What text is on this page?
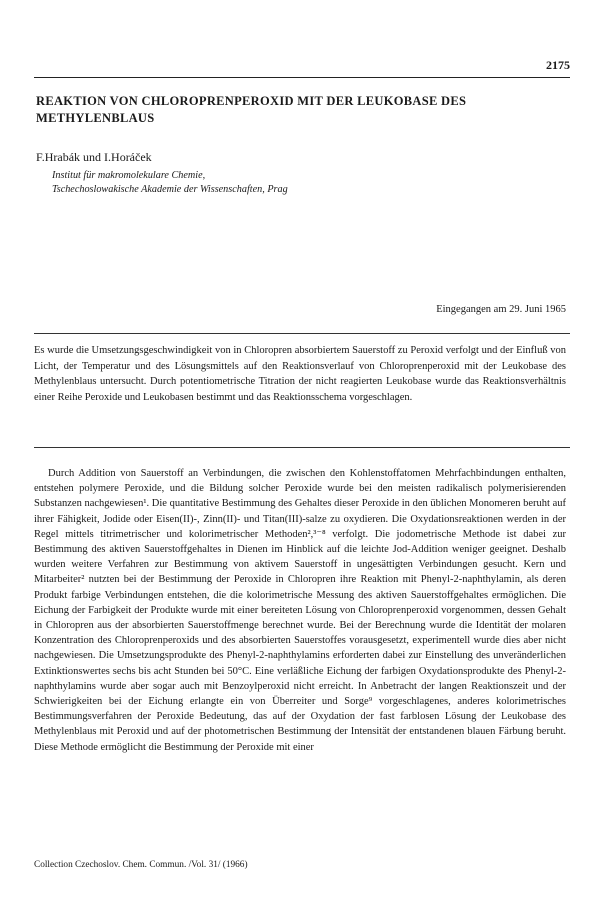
2175
REAKTION VON CHLOROPRENPEROXID MIT DER LEUKOBASE DES METHYLENBLAUS
F.Hrabák und I.Horáček
Institut für makromolekulare Chemie,
Tschechoslowakische Akademie der Wissenschaften, Prag
Eingegangen am 29. Juni 1965
Es wurde die Umsetzungsgeschwindigkeit von in Chloropren absorbiertem Sauerstoff zu Peroxid verfolgt und der Einfluß von Licht, der Temperatur und des Lösungsmittels auf den Reaktionsverlauf von Chloroprenperoxid mit der Leukobase des Methylenblaus untersucht. Durch potentiometrische Titration der nicht reagierten Leukobase wurde das Reaktionsverhältnis einer Reihe Peroxide und Leukobasen bestimmt und das Reaktionsschema vorgeschlagen.

Durch Addition von Sauerstoff an Verbindungen, die zwischen den Kohlenstoffatomen Mehrfachbindungen enthalten, entstehen polymere Peroxide, und die Bildung solcher Peroxide wurde bei den meisten radikalisch polymerisierenden Substanzen nachgewiesen¹. Die quantitative Bestimmung des Gehaltes dieser Peroxide in den üblichen Monomeren beruht auf ihrer Fähigkeit, Jodide oder Eisen(II)-, Zinn(II)- und Titan(III)-salze zu oxydieren. Die Oxydationsreaktionen werden in der Regel mittels titrimetrischer und kolorimetrischer Methoden²,³⁻⁸ verfolgt. Die jodometrische Methode ist dabei zur Bestimmung des aktiven Sauerstoffgehaltes in Dienen im Hinblick auf die leichte Jod-Addition weniger geeignet. Deshalb wurden weitere Verfahren zur Bestimmung von aktivem Sauerstoff in ungesättigten Verbindungen gesucht. Kern und Mitarbeiter² nutzten bei der Bestimmung der Peroxide in Chloropren ihre Reaktion mit Phenyl-2-naphthylamin, als deren Produkt farbige Verbindungen entstehen, die die kolorimetrische Messung des aktiven Sauerstoffgehaltes ermöglichen. Die Eichung der Farbigkeit der Produkte wurde mit einer bereiteten Lösung von Chloroprenperoxid vorgenommen, dessen Gehalt in Chloropren aus der absorbierten Sauerstoffmenge berechnet wurde. Bei der Berechnung wurde die Identität der molaren Konzentration des Chloroprenperoxids und des absorbierten Sauerstoffes vorausgesetzt, experimentell wurde dies aber nicht nachgewiesen. Die Umsetzungsprodukte des Phenyl-2-naphthylamins erforderten dabei zur Einstellung des unveränderlichen Extinktionswertes sechs bis acht Stunden bei 50°C. Eine verläßliche Eichung der farbigen Oxydationsprodukte des Phenyl-2-naphthylamins wurde aber sogar auch mit Benzoylperoxid nicht erreicht. In Anbetracht der langen Reaktionszeit und der Schwierigkeiten bei der Eichung erlangte ein von Überreiter und Sorge⁹ vorgeschlagenes, anderes kolorimetrisches Bestimmungsverfahren der Peroxide Bedeutung, das auf der Oxydation der fast farblosen Lösung der Leukobase des Methylenblaus mit Peroxid und auf der photometrischen Bestimmung der Intensität der entstandenen blauen Färbung beruht. Diese Methode ermöglicht die Bestimmung der Peroxide mit einer

Collection Czechoslov. Chem. Commun. /Vol. 31/ (1966)
